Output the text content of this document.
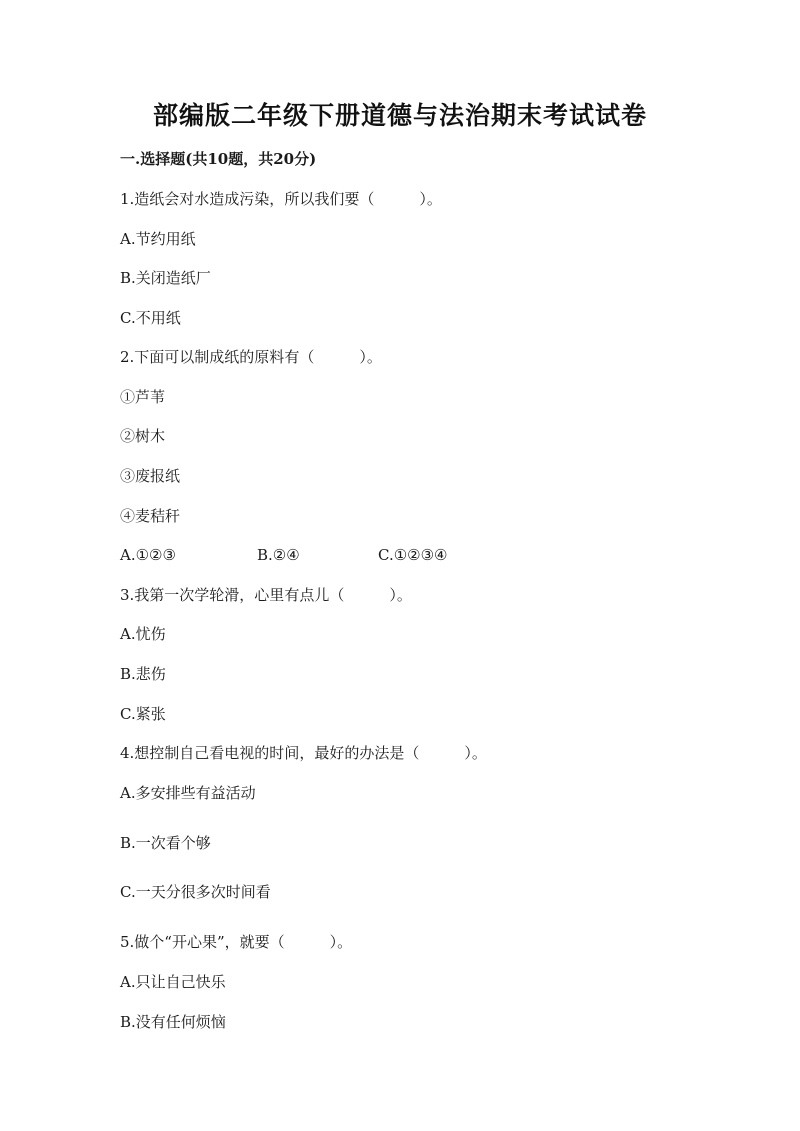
部编版二年级下册道德与法治期末考试试卷
一.选择题(共10题，共20分)
1.造纸会对水造成污染，所以我们要（　　　）。
A.节约用纸
B.关闭造纸厂
C.不用纸
2.下面可以制成纸的原料有（　　　）。
①芦苇
②树木
③废报纸
④麦秸秆
A.①②③	B.②④	C.①②③④
3.我第一次学轮滑，心里有点儿（　　　）。
A.忧伤
B.悲伤
C.紧张
4.想控制自己看电视的时间，最好的办法是（　　　）。
A.多安排些有益活动
B.一次看个够
C.一天分很多次时间看
5.做个“开心果”，就要（　　　）。
A.只让自己快乐
B.没有任何烦恼
